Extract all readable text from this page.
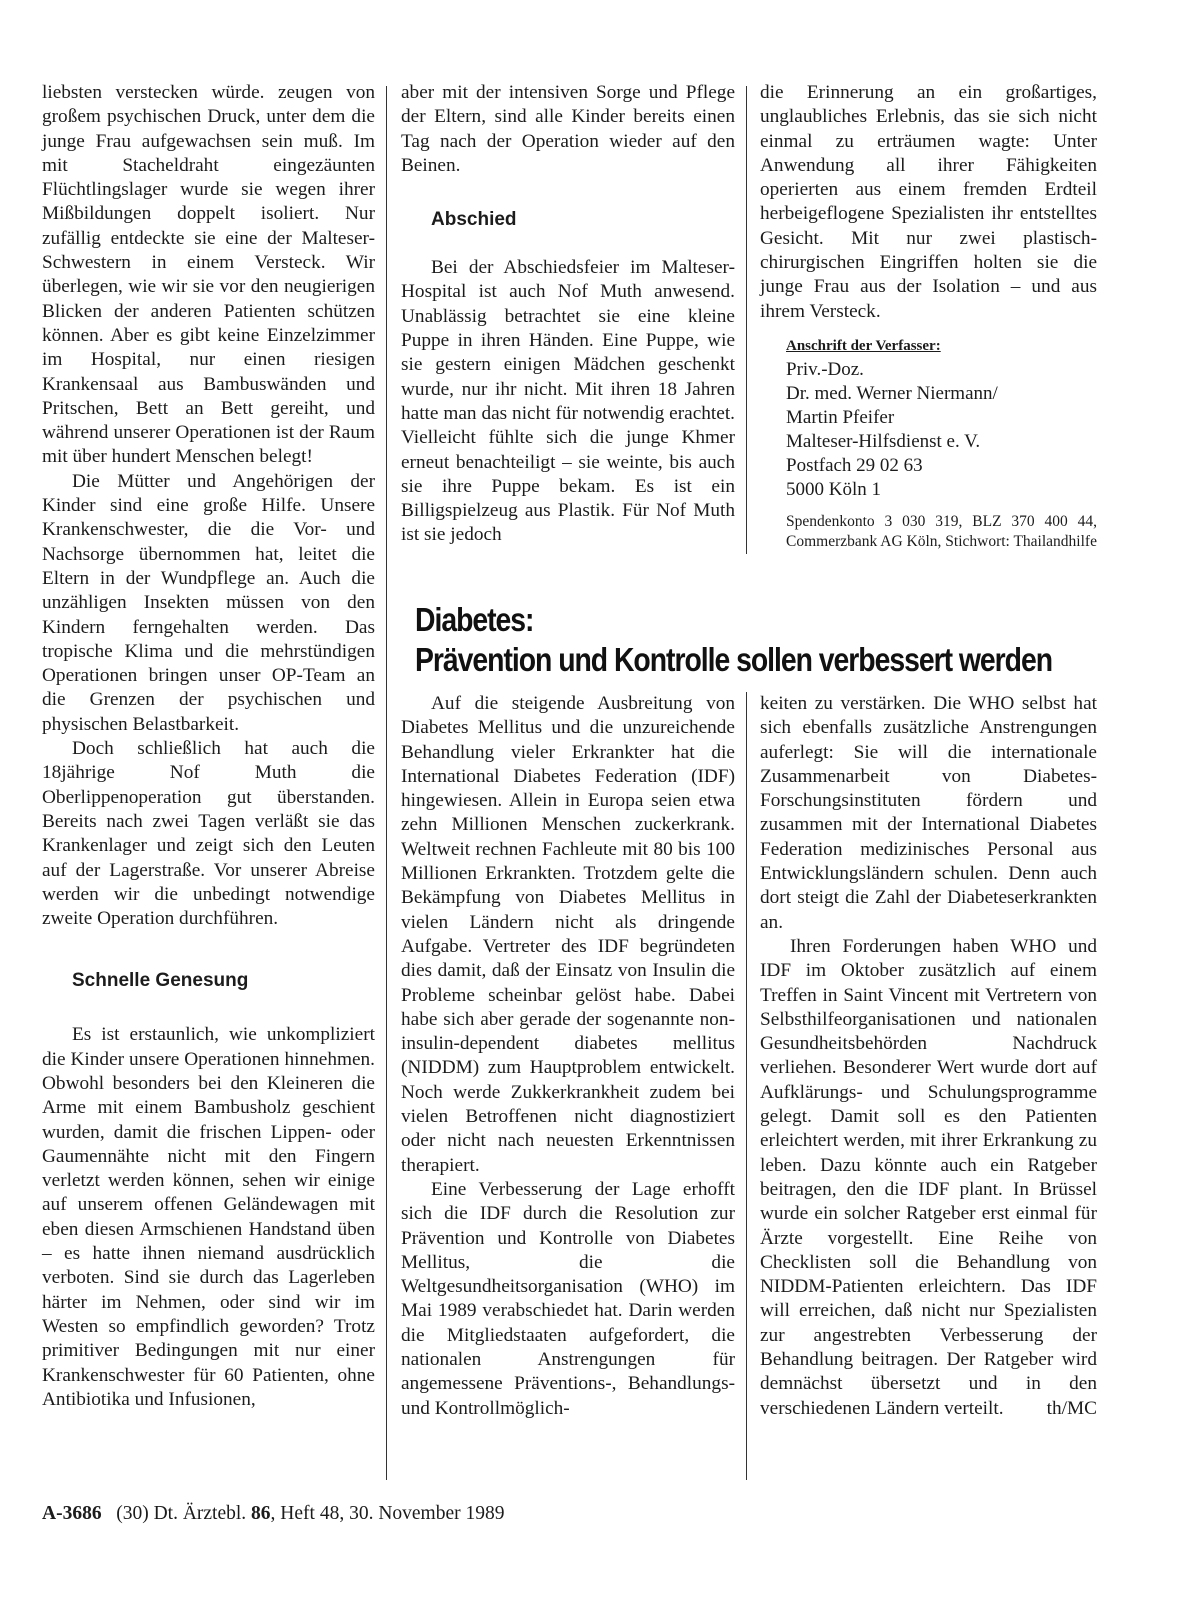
liebsten verstecken würde. zeugen von großem psychischen Druck, unter dem die junge Frau aufgewachsen sein muß. Im mit Stacheldraht eingezäunten Flüchtlingslager wurde sie wegen ihrer Mißbildungen doppelt isoliert. Nur zufällig entdeckte sie eine der Malteser-Schwestern in einem Versteck. Wir überlegen, wie wir sie vor den neugierigen Blicken der anderen Patienten schützen können. Aber es gibt keine Einzelzimmer im Hospital, nur einen riesigen Krankensaal aus Bambuswänden und Pritschen, Bett an Bett gereiht, und während unserer Operationen ist der Raum mit über hundert Menschen belegt!

Die Mütter und Angehörigen der Kinder sind eine große Hilfe. Unsere Krankenschwester, die die Vor- und Nachsorge übernommen hat, leitet die Eltern in der Wundpflege an. Auch die unzähligen Insekten müssen von den Kindern ferngehalten werden. Das tropische Klima und die mehrstündigen Operationen bringen unser OP-Team an die Grenzen der psychischen und physischen Belastbarkeit.

Doch schließlich hat auch die 18jährige Nof Muth die Oberlippenoperation gut überstanden. Bereits nach zwei Tagen verläßt sie das Krankenlager und zeigt sich den Leuten auf der Lagerstraße. Vor unserer Abreise werden wir die unbedingt notwendige zweite Operation durchführen.

Schnelle Genesung

Es ist erstaunlich, wie unkompliziert die Kinder unsere Operationen hinnehmen. Obwohl besonders bei den Kleineren die Arme mit einem Bambusholz geschient wurden, damit die frischen Lippen- oder Gaumennähte nicht mit den Fingern verletzt werden können, sehen wir einige auf unserem offenen Geländewagen mit eben diesen Armschienen Handstand üben – es hatte ihnen niemand ausdrücklich verboten. Sind sie durch das Lagerleben härter im Nehmen, oder sind wir im Westen so empfindlich geworden? Trotz primitiver Bedingungen mit nur einer Krankenschwester für 60 Patienten, ohne Antibiotika und Infusionen,

aber mit der intensiven Sorge und Pflege der Eltern, sind alle Kinder bereits einen Tag nach der Operation wieder auf den Beinen.

Abschied

Bei der Abschiedsfeier im Malteser-Hospital ist auch Nof Muth anwesend. Unablässig betrachtet sie eine kleine Puppe in ihren Händen. Eine Puppe, wie sie gestern einigen Mädchen geschenkt wurde, nur ihr nicht. Mit ihren 18 Jahren hatte man das nicht für notwendig erachtet. Vielleicht fühlte sich die junge Khmer erneut benachteiligt – sie weinte, bis auch sie ihre Puppe bekam. Es ist ein Billigspielzeug aus Plastik. Für Nof Muth ist sie jedoch

die Erinnerung an ein großartiges, unglaubliches Erlebnis, das sie sich nicht einmal zu erträumen wagte: Unter Anwendung all ihrer Fähigkeiten operierten aus einem fremden Erdteil herbeigeflogene Spezialisten ihr entstelltes Gesicht. Mit nur zwei plastisch-chirurgischen Eingriffen holten sie die junge Frau aus der Isolation – und aus ihrem Versteck.

Anschrift der Verfasser:

Priv.-Doz.

Dr. med. Werner Niermann/

Martin Pfeifer

Malteser-Hilfsdienst e. V.

Postfach 29 02 63

5000 Köln 1

Spendenkonto 3 030 319, BLZ 370 400 44, Commerzbank AG Köln, Stichwort: Thailandhilfe

Diabetes:
Prävention und Kontrolle sollen verbessert werden

Auf die steigende Ausbreitung von Diabetes Mellitus und die unzureichende Behandlung vieler Erkrankter hat die International Diabetes Federation (IDF) hingewiesen. Allein in Europa seien etwa zehn Millionen Menschen zuckerkrank. Weltweit rechnen Fachleute mit 80 bis 100 Millionen Erkrankten. Trotzdem gelte die Bekämpfung von Diabetes Mellitus in vielen Ländern nicht als dringende Aufgabe. Vertreter des IDF begründeten dies damit, daß der Einsatz von Insulin die Probleme scheinbar gelöst habe. Dabei habe sich aber gerade der sogenannte non-insulin-dependent diabetes mellitus (NIDDM) zum Hauptproblem entwickelt. Noch werde Zukkerkrankheit zudem bei vielen Betroffenen nicht diagnostiziert oder nicht nach neuesten Erkenntnissen therapiert.

Eine Verbesserung der Lage erhofft sich die IDF durch die Resolution zur Prävention und Kontrolle von Diabetes Mellitus, die die Weltgesundheitsorganisation (WHO) im Mai 1989 verabschiedet hat. Darin werden die Mitgliedstaaten aufgefordert, die nationalen Anstrengungen für angemessene Präventions-, Behandlungs- und Kontrollmöglich-

keiten zu verstärken. Die WHO selbst hat sich ebenfalls zusätzliche Anstrengungen auferlegt: Sie will die internationale Zusammenarbeit von Diabetes-Forschungsinstituten fördern und zusammen mit der International Diabetes Federation medizinisches Personal aus Entwicklungsländern schulen. Denn auch dort steigt die Zahl der Diabeteserkrankten an.

Ihren Forderungen haben WHO und IDF im Oktober zusätzlich auf einem Treffen in Saint Vincent mit Vertretern von Selbsthilfeorganisationen und nationalen Gesundheitsbehörden Nachdruck verliehen. Besonderer Wert wurde dort auf Aufklärungs- und Schulungsprogramme gelegt. Damit soll es den Patienten erleichtert werden, mit ihrer Erkrankung zu leben. Dazu könnte auch ein Ratgeber beitragen, den die IDF plant. In Brüssel wurde ein solcher Ratgeber erst einmal für Ärzte vorgestellt. Eine Reihe von Checklisten soll die Behandlung von NIDDM-Patienten erleichtern. Das IDF will erreichen, daß nicht nur Spezialisten zur angestrebten Verbesserung der Behandlung beitragen. Der Ratgeber wird demnächst übersetzt und in den verschiedenen Ländern verteilt.	th/MC

A-3686 (30) Dt. Ärztebl. 86, Heft 48, 30. November 1989
